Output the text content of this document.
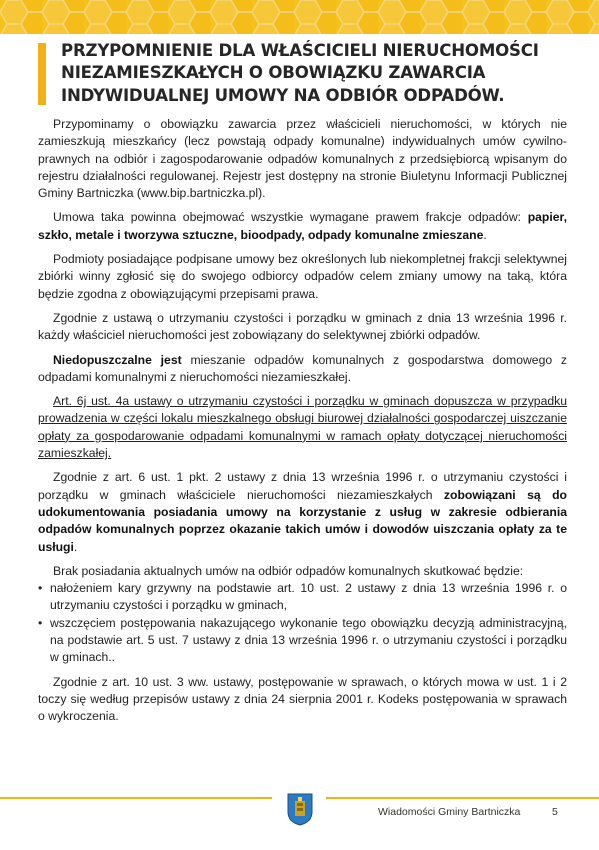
PRZYPOMNIENIE DLA WŁAŚCICIELI NIERUCHOMOŚCI
NIEZAMIESZKAŁYCH O OBOWIĄZKU ZAWARCIA
INDYWIDUALNEJ UMOWY NA ODBIÓR ODPADÓW.

Przypominamy o obowiązku zawarcia przez właścicieli nieruchomości, w których nie zamieszkują mieszkańcy (lecz powstają odpady komunalne) indywidualnych umów cywilno-prawnych na odbiór i zagospodarowanie odpadów komunalnych z przedsiębiorcą wpisanym do rejestru działalności regulowanej. Rejestr jest dostępny na stronie Biuletynu Informacji Publicznej Gminy Bartniczka (www.bip.bartniczka.pl).

Umowa taka powinna obejmować wszystkie wymagane prawem frakcje odpadów: papier, szkło, metale i tworzywa sztuczne, bioodpady, odpady komunalne zmieszane.

Podmioty posiadające podpisane umowy bez określonych lub niekompletnej frakcji selektywnej zbiórki winny zgłosić się do swojego odbiorcy odpadów celem zmiany umowy na taką, która będzie zgodna z obowiązującymi przepisami prawa.

Zgodnie z ustawą o utrzymaniu czystości i porządku w gminach z dnia 13 września 1996 r. każdy właściciel nieruchomości jest zobowiązany do selektywnej zbiórki odpadów.

Niedopuszczalne jest mieszanie odpadów komunalnych z gospodarstwa domowego z odpadami komunalnymi z nieruchomości niezamieszkałej.

Art. 6j ust. 4a ustawy o utrzymaniu czystości i porządku w gminach dopuszcza w przypadku prowadzenia w części lokalu mieszkalnego obsługi biurowej działalności gospodarczej uiszczanie opłaty za gospodarowanie odpadami komunalnymi w ramach opłaty dotyczącej nieruchomości zamieszkałej.

Zgodnie z art. 6 ust. 1 pkt. 2 ustawy z dnia 13 września 1996 r. o utrzymaniu czystości i porządku w gminach właściciele nieruchomości niezamieszkałych zobowiązani są do udokumentowania posiadania umowy na korzystanie z usług w zakresie odbierania odpadów komunalnych poprzez okazanie takich umów i dowodów uiszczania opłaty za te usługi.

Brak posiadania aktualnych umów na odbiór odpadów komunalnych skutkować będzie:

• nałożeniem kary grzywny na podstawie art. 10 ust. 2 ustawy z dnia 13 września 1996 r. o utrzymaniu czystości i porządku w gminach,
• wszczęciem postępowania nakazującego wykonanie tego obowiązku decyzją administracyjną, na podstawie art. 5 ust. 7 ustawy z dnia 13 września 1996 r. o utrzymaniu czystości i porządku w gminach..

Zgodnie z art. 10 ust. 3 ww. ustawy, postępowanie w sprawach, o których mowa w ust. 1 i 2 toczy się według przepisów ustawy z dnia 24 sierpnia 2001 r. Kodeks postępowania w sprawach o wykroczenia.

Wiadomości Gminy Bartniczka	5
